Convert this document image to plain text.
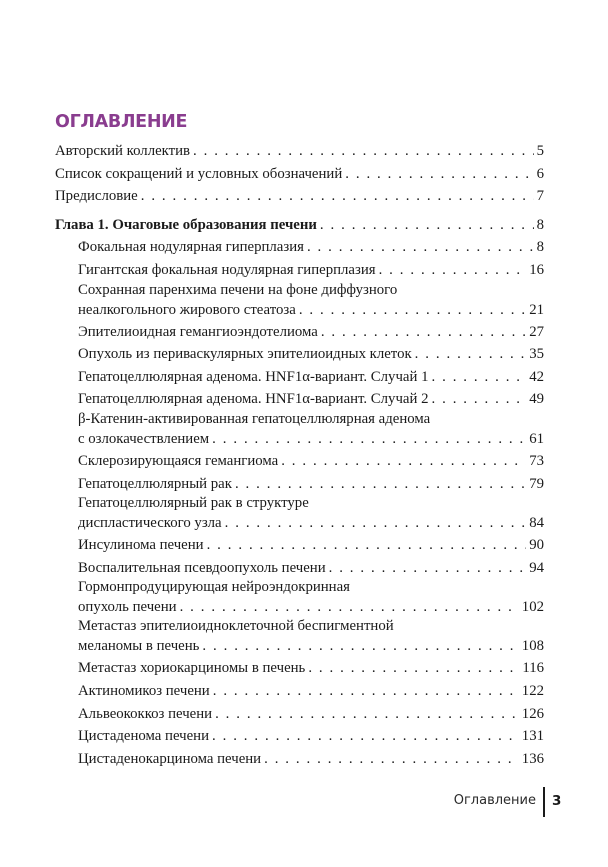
ОГЛАВЛЕНИЕ
Авторский коллектив . . .	5
Список сокращений и условных обозначений . . .	6
Предисловие . . .	7
Глава 1. Очаговые образования печени . . .	8
Фокальная нодулярная гиперплазия . . .	8
Гигантская фокальная нодулярная гиперплазия . . .	16
Сохранная паренхима печени на фоне диффузного
неалкогольного жирового стеатоза . . .	21
Эпителиоидная гемангиоэндотелиома . . .	27
Опухоль из периваскулярных эпителиоидных клеток . . .	35
Гепатоцеллюлярная аденома. HNF1α-вариант. Случай 1 . . .	42
Гепатоцеллюлярная аденома. HNF1α-вариант. Случай 2 . . .	49
β-Катенин-активированная гепатоцеллюлярная аденома
с озлокачествлением . . .	61
Склерозирующаяся гемангиома . . .	73
Гепатоцеллюлярный рак . . .	79
Гепатоцеллюлярный рак в структуре
диспластического узла . . .	84
Инсулинома печени . . .	90
Воспалительная псевдоопухоль печени . . .	94
Гормонпродуцирующая нейроэндокринная
опухоль печени . . .	102
Метастаз эпителиоидноклеточной беспигментной
меланомы в печень . . .	108
Метастаз хориокарциномы в печень . . .	116
Актиномикоз печени . . .	122
Альвеококкоз печени . . .	126
Цистаденома печени . . .	131
Цистаденокарцинома печени . . .	136
Оглавление 3
